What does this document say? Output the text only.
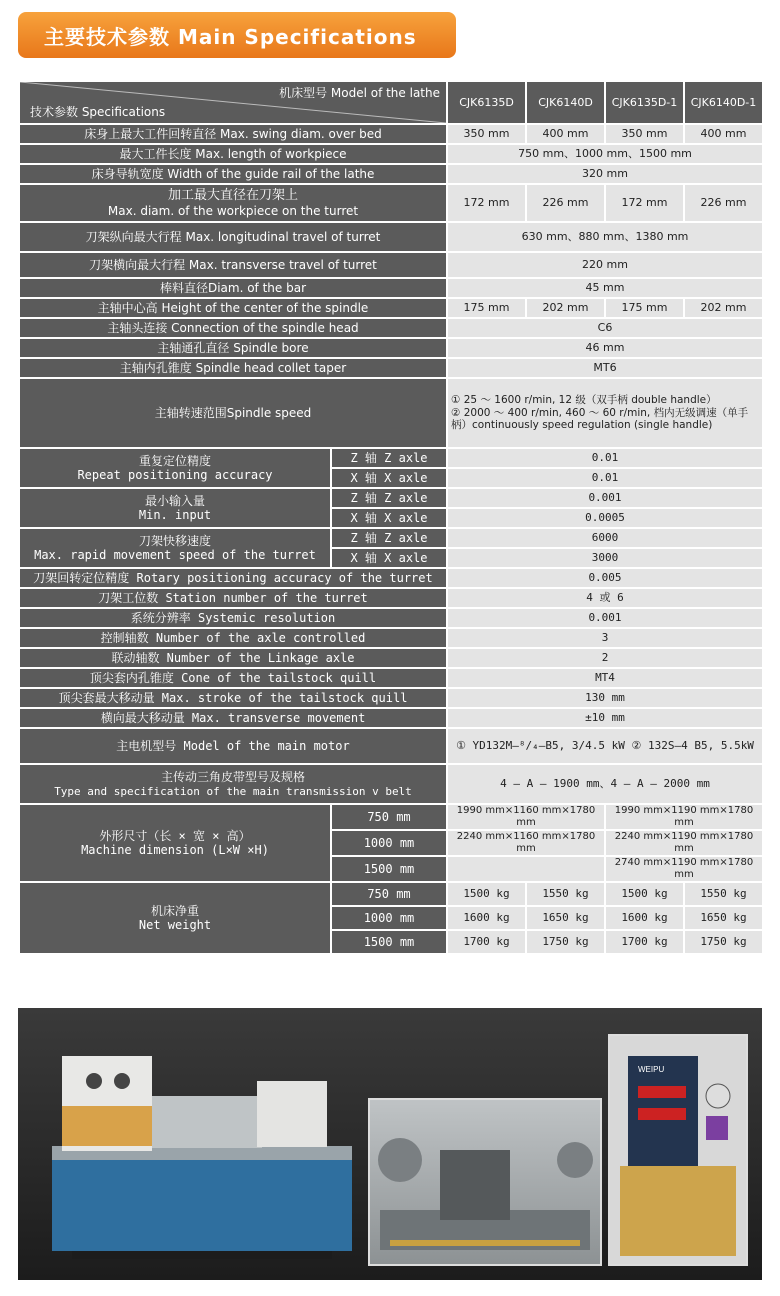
主要技术参数 Main Specifications
机床型号 Model of the lathe
技术参数 Specifications		CJK6135D	CJK6140D	CJK6135D-1	CJK6140D-1
床身上最大工件回转直径 Max. swing diam. over bed		350 mm	400 mm	350 mm	400 mm
最大工件长度 Max. length of workpiece		750 mm、1000 mm、1500 mm			
床身导轨宽度 Width of the guide rail of the lathe		320 mm			

加工最大直径在刀架上
Max. diam. of the workpiece on the turret		172 mm	226 mm	172 mm	226 mm
刀架纵向最大行程 Max. longitudinal travel of turret		630 mm、880 mm、1380 mm			
刀架横向最大行程 Max. transverse travel of turret		220 mm			
棒料直径Diam. of the bar		45 mm			
主轴中心高 Height of the center of the spindle		175 mm	202 mm	175 mm	202 mm
主轴头连接 Connection of the spindle head		C6			
主轴通孔直径 Spindle bore		46 mm			
主轴内孔锥度 Spindle head collet taper		MT6			
主轴转速范围Spindle speed		① 25 ～ 1600 r/min, 12 级（双手柄 double handle）
② 2000 ～ 400 r/min, 460 ～ 60 r/min, 档内无级调速（单手柄）continuously speed regulation (single handle)			

重复定位精度
Repeat positioning accuracy	Z 轴 Z axle	0.01			
	X 轴 X axle	0.01			

最小输入量
Min. input	Z 轴 Z axle	0.001			
	X 轴 X axle	0.0005			

刀架快移速度
Max. rapid movement speed of the turret	Z 轴 Z axle	6000			
	X 轴 X axle	3000			
刀架回转定位精度 Rotary positioning accuracy of the turret		0.005			
刀架工位数 Station number of the turret		4 或 6			
系统分辨率 Systemic resolution		0.001			
控制轴数 Number of the axle controlled		3			
联动轴数 Number of the Linkage axle		2			
顶尖套内孔锥度 Cone of the tailstock quill		MT4			
顶尖套最大移动量 Max. stroke of the tailstock quill		130 mm			
横向最大移动量 Max. transverse movement		±10 mm			
主电机型号 Model of the main motor		① YD132M—⁸/₄—B5, 3/4.5 kW ② 132S—4 B5, 5.5kW			

主传动三角皮带型号及规格
Type and specification of the main transmission v belt		4 — A — 1900 mm、4 — A — 2000 mm			

外形尺寸（长 × 宽 × 高）
Machine dimension (L×W ×H)	750 mm	1990 mm×1160 mm×1780 mm		1990 mm×1190 mm×1780 mm	
	1000 mm	2240 mm×1160 mm×1780 mm		2240 mm×1190 mm×1780 mm	
	1500 mm			2740 mm×1190 mm×1780 mm	

机床净重
Net weight	750 mm	1500 kg	1550 kg	1500 kg	1550 kg
	1000 mm	1600 kg	1650 kg	1600 kg	1650 kg
	1500 mm	1700 kg	1750 kg	1700 kg	1750 kg
WEIPU
